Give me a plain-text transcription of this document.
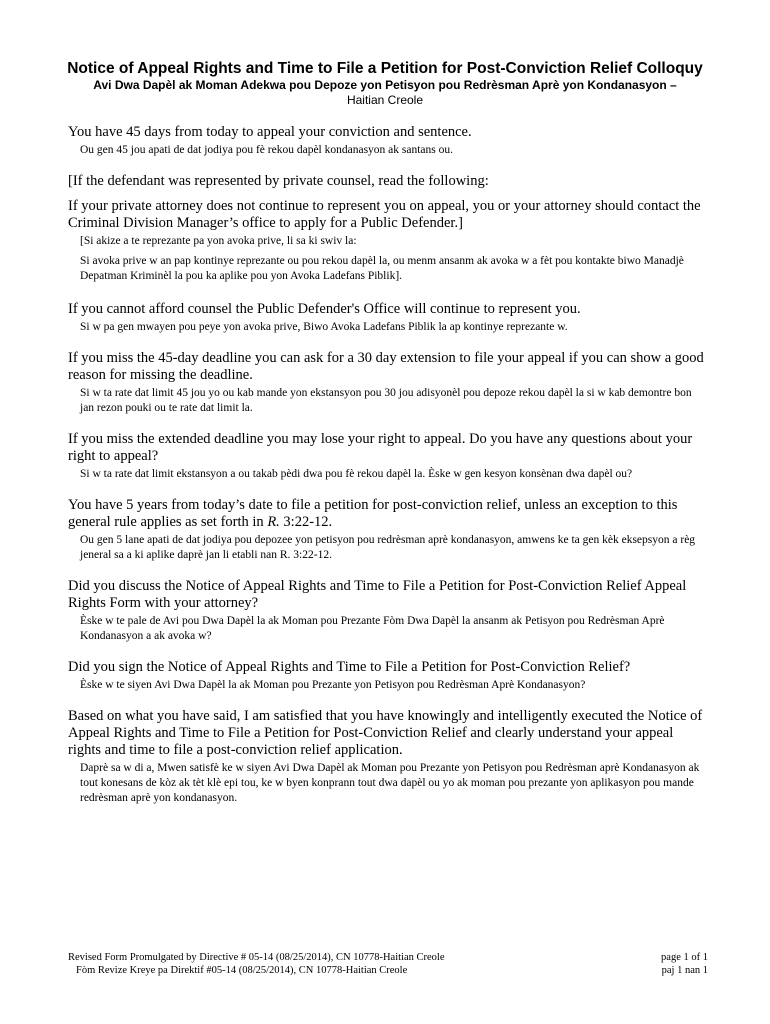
Notice of Appeal Rights and Time to File a Petition for Post-Conviction Relief Colloquy
Avi Dwa Dapèl ak Moman Adekwa pou Depoze yon Petisyon pou Redrèsman Aprè yon Kondanasyon –
Haitian Creole

You have 45 days from today to appeal your conviction and sentence.

Ou gen 45 jou apati de dat jodiya pou fè rekou dapèl kondanasyon ak santans ou.

[If the defendant was represented by private counsel, read the following:

If your private attorney does not continue to represent you on appeal, you or your attorney should contact the Criminal Division Manager’s office to apply for a Public Defender.]

[Si akize a te reprezante pa yon avoka prive, li sa ki swiv la:

Si avoka prive w an pap kontinye reprezante ou pou rekou dapèl la, ou menm ansanm ak avoka w a fèt pou kontakte biwo Manadjè Depatman Kriminèl la pou ka aplike pou yon Avoka Ladefans Piblik].

If you cannot afford counsel the Public Defender's Office will continue to represent you.

Si w pa gen mwayen pou peye yon avoka prive, Biwo Avoka Ladefans Piblik la ap kontinye reprezante w.

If you miss the 45-day deadline you can ask for a 30 day extension to file your appeal if you can show a good reason for missing the deadline.

Si w ta rate dat limit 45 jou yo ou kab mande yon ekstansyon pou 30 jou adisyonèl pou depoze rekou dapèl la si w kab demontre bon jan rezon pouki ou te rate dat limit la.

If you miss the extended deadline you may lose your right to appeal. Do you have any questions about your right to appeal?

Si w ta rate dat limit ekstansyon a ou takab pèdi dwa pou fè rekou dapèl la. Èske w gen kesyon konsènan dwa dapèl ou?

You have 5 years from today’s date to file a petition for post-conviction relief, unless an exception to this general rule applies as set forth in R. 3:22-12.

Ou gen 5 lane apati de dat jodiya pou depozee yon petisyon pou redrèsman aprè kondanasyon, amwens ke ta gen kèk eksepsyon a règ jeneral sa a ki aplike daprè jan li etabli nan R. 3:22-12.

Did you discuss the Notice of Appeal Rights and Time to File a Petition for Post-Conviction Relief Appeal Rights Form with your attorney?

Èske w te pale de Avi pou Dwa Dapèl la ak Moman pou Prezante Fòm Dwa Dapèl la ansanm ak Petisyon pou Redrèsman Aprè Kondanasyon a ak avoka w?

Did you sign the Notice of Appeal Rights and Time to File a Petition for Post-Conviction Relief?

Èske w te siyen Avi Dwa Dapèl la ak Moman pou Prezante yon Petisyon pou Redrèsman Aprè Kondanasyon?

Based on what you have said, I am satisfied that you have knowingly and intelligently executed the Notice of Appeal Rights and Time to File a Petition for Post-Conviction Relief and clearly understand your appeal rights and time to file a post-conviction relief application.

Daprè sa w di a, Mwen satisfè ke w siyen Avi Dwa Dapèl ak Moman pou Prezante yon Petisyon pou Redrèsman aprè Kondanasyon ak tout konesans de kòz ak tèt klè epi tou, ke w byen konprann tout dwa dapèl ou yo ak moman pou prezante yon aplikasyon pou mande redrèsman aprè yon kondanasyon.

Revised Form Promulgated by Directive # 05-14 (08/25/2014), CN 10778-Haitian Creole
Fòm Revize Kreye pa Direktif #05-14 (08/25/2014), CN 10778-Haitian Creole
page 1 of 1
paj 1 nan 1
